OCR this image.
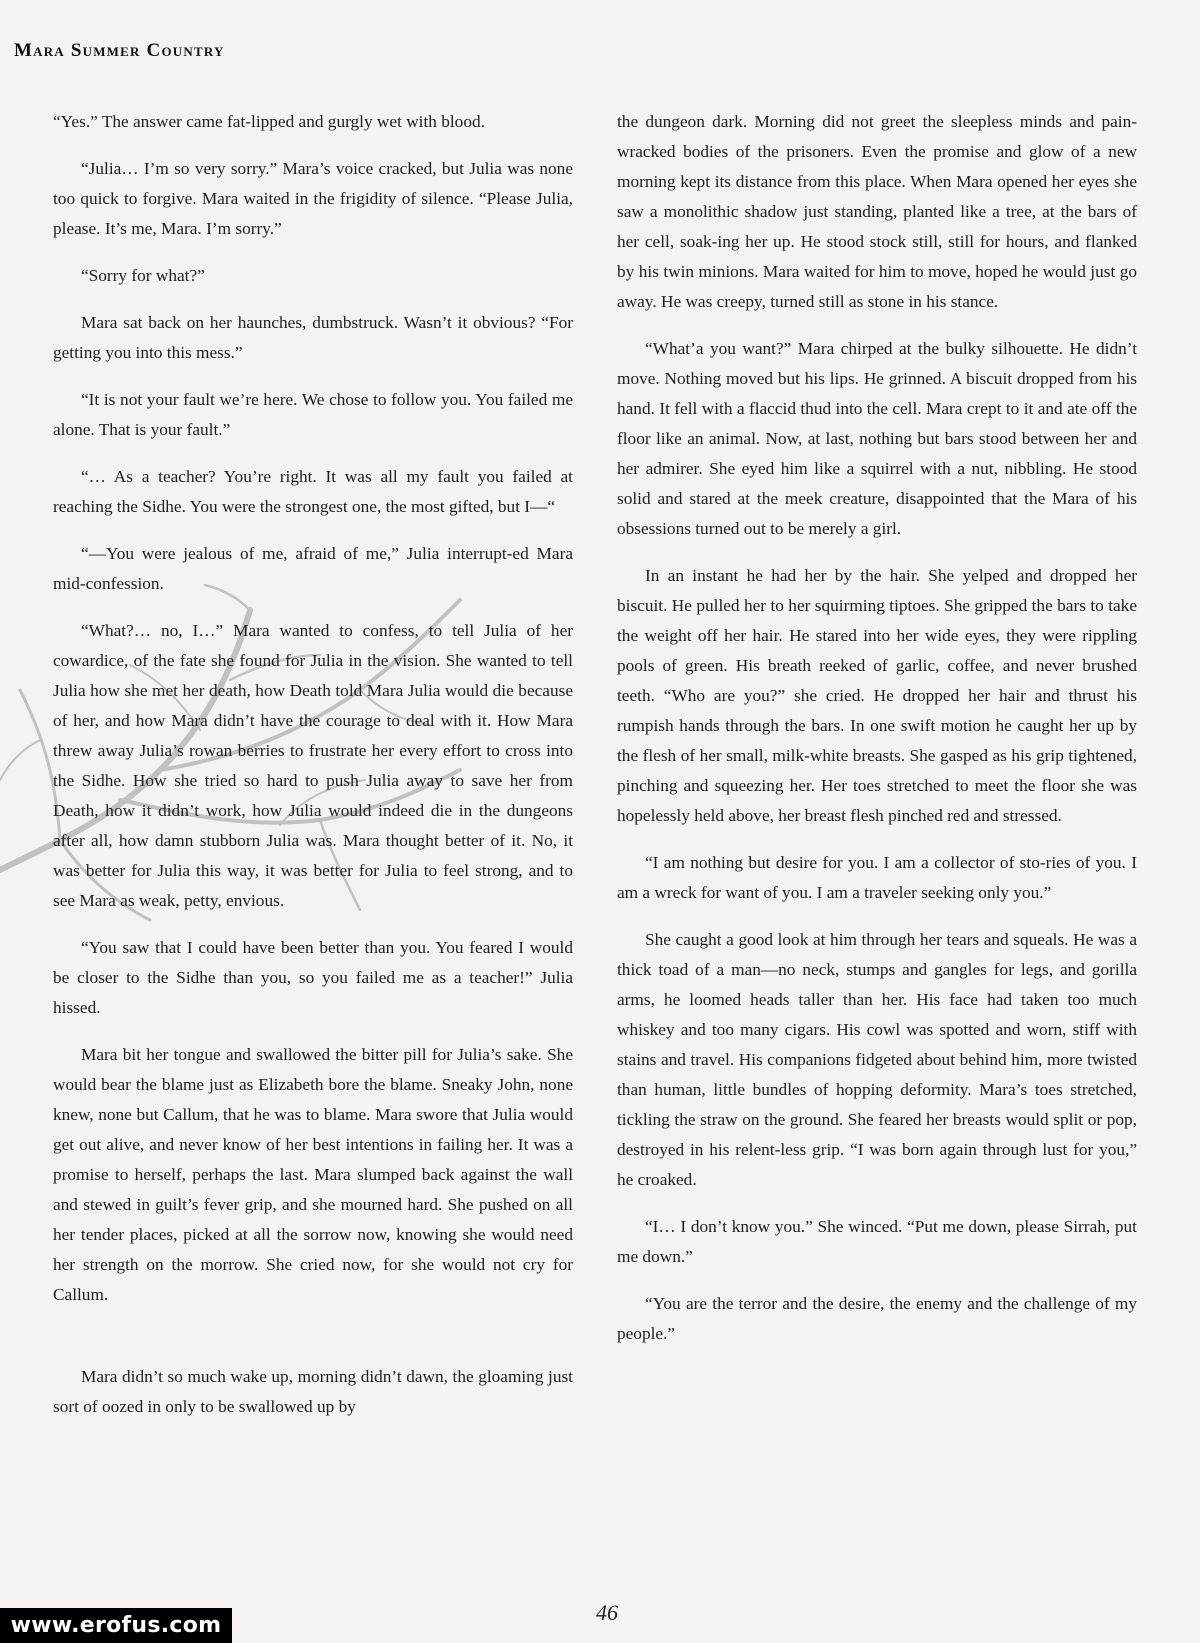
Mara Summer Country

“Yes.” The answer came fat-lipped and gurgly wet with blood.

“Julia… I’m so very sorry.” Mara’s voice cracked, but Julia was none too quick to forgive. Mara waited in the frigidity of silence. “Please Julia, please. It’s me, Mara. I’m sorry.”

“Sorry for what?”

Mara sat back on her haunches, dumbstruck. Wasn’t it obvious? “For getting you into this mess.”

“It is not your fault we’re here. We chose to follow you. You failed me alone. That is your fault.”

“… As a teacher? You’re right. It was all my fault you failed at reaching the Sidhe. You were the strongest one, the most gifted, but I—“

“—You were jealous of me, afraid of me,” Julia interrupt-ed Mara mid-confession.

“What?… no, I…” Mara wanted to confess, to tell Julia of her cowardice, of the fate she found for Julia in the vision. She wanted to tell Julia how she met her death, how Death told Mara Julia would die because of her, and how Mara didn’t have the courage to deal with it. How Mara threw away Julia’s rowan berries to frustrate her every effort to cross into the Sidhe. How she tried so hard to push Julia away to save her from Death, how it didn’t work, how Julia would indeed die in the dungeons after all, how damn stubborn Julia was. Mara thought better of it. No, it was better for Julia this way, it was better for Julia to feel strong, and to see Mara as weak, petty, envious.

“You saw that I could have been better than you. You feared I would be closer to the Sidhe than you, so you failed me as a teacher!” Julia hissed.

Mara bit her tongue and swallowed the bitter pill for Julia’s sake. She would bear the blame just as Elizabeth bore the blame. Sneaky John, none knew, none but Callum, that he was to blame. Mara swore that Julia would get out alive, and never know of her best intentions in failing her. It was a promise to herself, perhaps the last. Mara slumped back against the wall and stewed in guilt’s fever grip, and she mourned hard. She pushed on all her tender places, picked at all the sorrow now, knowing she would need her strength on the morrow. She cried now, for she would not cry for Callum.

Mara didn’t so much wake up, morning didn’t dawn, the gloaming just sort of oozed in only to be swallowed up by

the dungeon dark. Morning did not greet the sleepless minds and pain-wracked bodies of the prisoners. Even the promise and glow of a new morning kept its distance from this place. When Mara opened her eyes she saw a monolithic shadow just standing, planted like a tree, at the bars of her cell, soak-ing her up. He stood stock still, still for hours, and flanked by his twin minions. Mara waited for him to move, hoped he would just go away. He was creepy, turned still as stone in his stance.

“What’a you want?” Mara chirped at the bulky silhouette. He didn’t move. Nothing moved but his lips. He grinned. A biscuit dropped from his hand. It fell with a flaccid thud into the cell. Mara crept to it and ate off the floor like an animal. Now, at last, nothing but bars stood between her and her admirer. She eyed him like a squirrel with a nut, nibbling. He stood solid and stared at the meek creature, disappointed that the Mara of his obsessions turned out to be merely a girl.

In an instant he had her by the hair. She yelped and dropped her biscuit. He pulled her to her squirming tiptoes. She gripped the bars to take the weight off her hair. He stared into her wide eyes, they were rippling pools of green. His breath reeked of garlic, coffee, and never brushed teeth. “Who are you?” she cried. He dropped her hair and thrust his rumpish hands through the bars. In one swift motion he caught her up by the flesh of her small, milk-white breasts. She gasped as his grip tightened, pinching and squeezing her. Her toes stretched to meet the floor she was hopelessly held above, her breast flesh pinched red and stressed.

“I am nothing but desire for you. I am a collector of sto-ries of you. I am a wreck for want of you. I am a traveler seeking only you.”

She caught a good look at him through her tears and squeals. He was a thick toad of a man—no neck, stumps and gangles for legs, and gorilla arms, he loomed heads taller than her. His face had taken too much whiskey and too many cigars. His cowl was spotted and worn, stiff with stains and travel. His companions fidgeted about behind him, more twisted than human, little bundles of hopping deformity. Mara’s toes stretched, tickling the straw on the ground. She feared her breasts would split or pop, destroyed in his relent-less grip. “I was born again through lust for you,” he croaked.

“I… I don’t know you.” She winced. “Put me down, please Sirrah, put me down.”

“You are the terror and the desire, the enemy and the challenge of my people.”

46
www.erofus.com
